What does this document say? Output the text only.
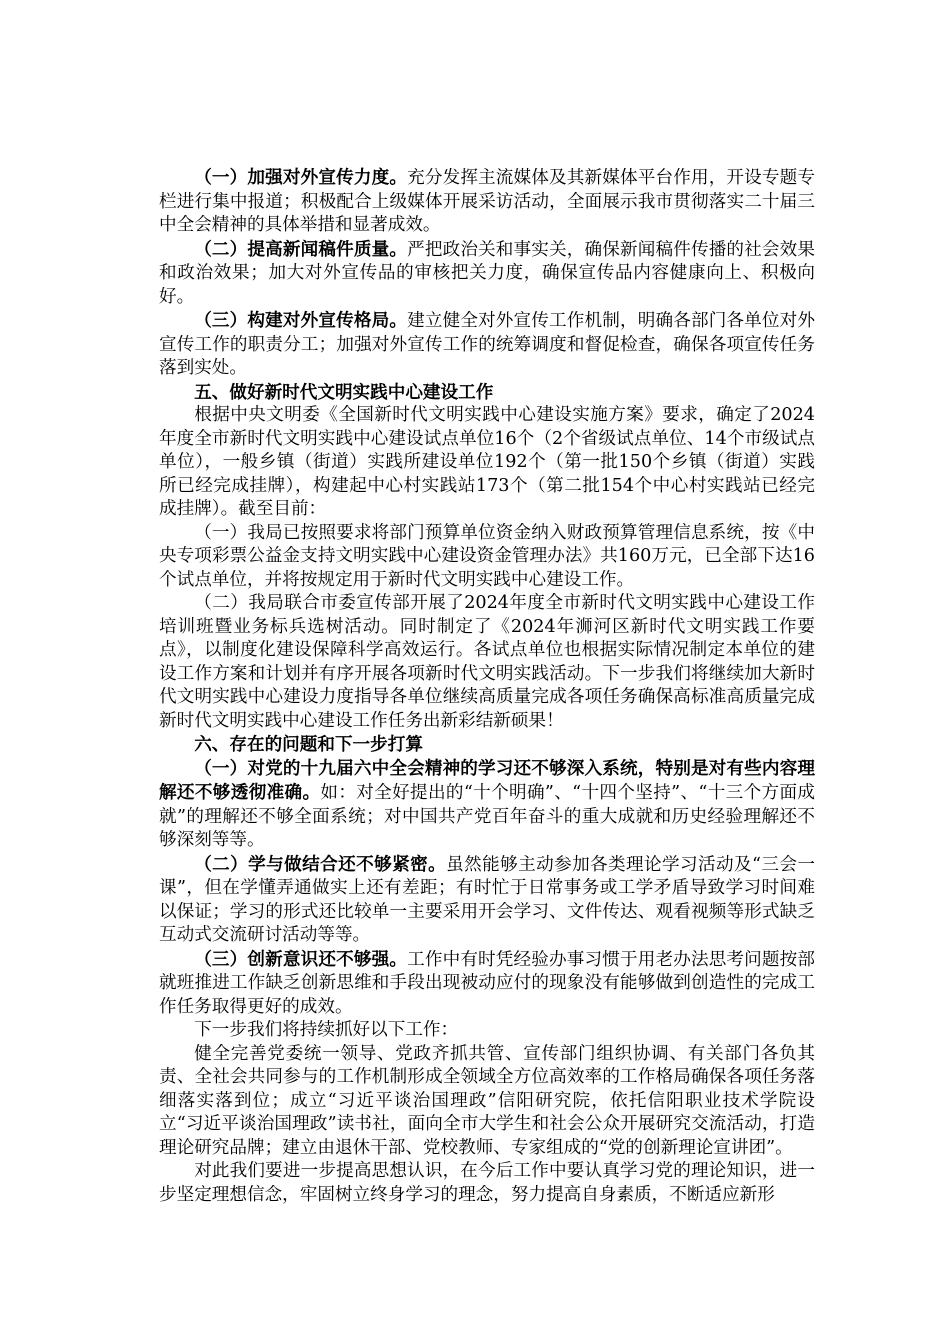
（一）加强对外宣传力度。充分发挥主流媒体及其新媒体平台作用，开设专题专栏进行集中报道；积极配合上级媒体开展采访活动，全面展示我市贯彻落实二十届三中全会精神的具体举措和显著成效。

（二）提高新闻稿件质量。严把政治关和事实关，确保新闻稿件传播的社会效果和政治效果；加大对外宣传品的审核把关力度，确保宣传品内容健康向上、积极向好。

（三）构建对外宣传格局。建立健全对外宣传工作机制，明确各部门各单位对外宣传工作的职责分工；加强对外宣传工作的统筹调度和督促检查，确保各项宣传任务落到实处。

五、做好新时代文明实践中心建设工作

根据中央文明委《全国新时代文明实践中心建设实施方案》要求，确定了2024年度全市新时代文明实践中心建设试点单位16个（2个省级试点单位、14个市级试点单位），一般乡镇（街道）实践所建设单位192个（第一批150个乡镇（街道）实践所已经完成挂牌），构建起中心村实践站173个（第二批154个中心村实践站已经完成挂牌）。截至目前：

（一）我局已按照要求将部门预算单位资金纳入财政预算管理信息系统，按《中央专项彩票公益金支持文明实践中心建设资金管理办法》共160万元，已全部下达16个试点单位，并将按规定用于新时代文明实践中心建设工作。

（二）我局联合市委宣传部开展了2024年度全市新时代文明实践中心建设工作培训班暨业务标兵选树活动。同时制定了《2024年浉河区新时代文明实践工作要点》，以制度化建设保障科学高效运行。各试点单位也根据实际情况制定本单位的建设工作方案和计划并有序开展各项新时代文明实践活动。下一步我们将继续加大新时代文明实践中心建设力度指导各单位继续高质量完成各项任务确保高标准高质量完成新时代文明实践中心建设工作任务出新彩结新硕果！

六、存在的问题和下一步打算

（一）对党的十九届六中全会精神的学习还不够深入系统，特别是对有些内容理解还不够透彻准确。如：对全好提出的“十个明确”、“十四个坚持”、“十三个方面成就”的理解还不够全面系统；对中国共产党百年奋斗的重大成就和历史经验理解还不够深刻等等。

（二）学与做结合还不够紧密。虽然能够主动参加各类理论学习活动及“三会一课”，但在学懂弄通做实上还有差距；有时忙于日常事务或工学矛盾导致学习时间难以保证；学习的形式还比较单一主要采用开会学习、文件传达、观看视频等形式缺乏互动式交流研讨活动等等。

（三）创新意识还不够强。工作中有时凭经验办事习惯于用老办法思考问题按部就班推进工作缺乏创新思维和手段出现被动应付的现象没有能够做到创造性的完成工作任务取得更好的成效。

下一步我们将持续抓好以下工作：

健全完善党委统一领导、党政齐抓共管、宣传部门组织协调、有关部门各负其责、全社会共同参与的工作机制形成全领域全方位高效率的工作格局确保各项任务落细落实落到位；成立“习近平谈治国理政”信阳研究院，依托信阳职业技术学院设立“习近平谈治国理政”读书社，面向全市大学生和社会公众开展研究交流活动，打造理论研究品牌；建立由退休干部、党校教师、专家组成的“党的创新理论宣讲团”。

对此我们要进一步提高思想认识，在今后工作中要认真学习党的理论知识，进一步坚定理想信念，牢固树立终身学习的理念，努力提高自身素质，不断适应新形
